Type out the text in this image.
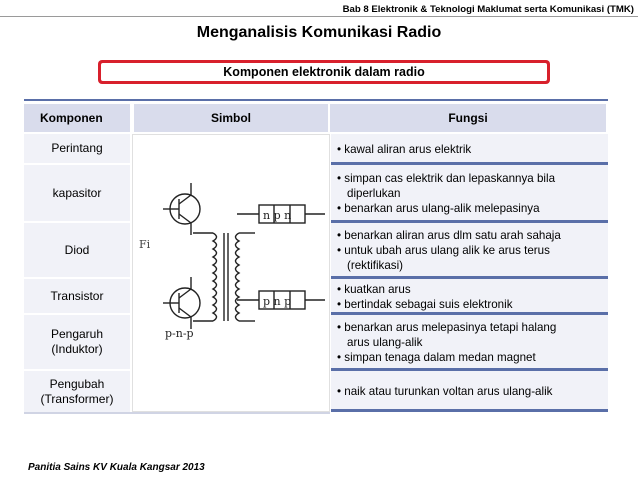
Bab 8 Elektronik & Teknologi Maklumat serta Komunikasi (TMK)
Menganalisis Komunikasi Radio
Komponen elektronik dalam radio
Komponen	Simbol	Fungsi
Perintang
kapasitor
Diod
Transistor
Pengaruh
(Induktor)
Pengubah
(Transformer)
n p n
p n p
p-n-p
Fi
• kawal aliran arus elektrik
• simpan cas elektrik dan lepaskannya bila
diperlukan
• benarkan arus ulang-alik melepasinya
• benarkan aliran arus dlm satu arah sahaja
• untuk ubah arus ulang alik ke arus terus
(rektifikasi)
• kuatkan arus
• bertindak sebagai suis elektronik
• benarkan arus melepasinya tetapi halang
arus ulang-alik
• simpan tenaga dalam medan magnet
• naik atau turunkan voltan arus ulang-alik
Panitia Sains KV Kuala Kangsar 2013
